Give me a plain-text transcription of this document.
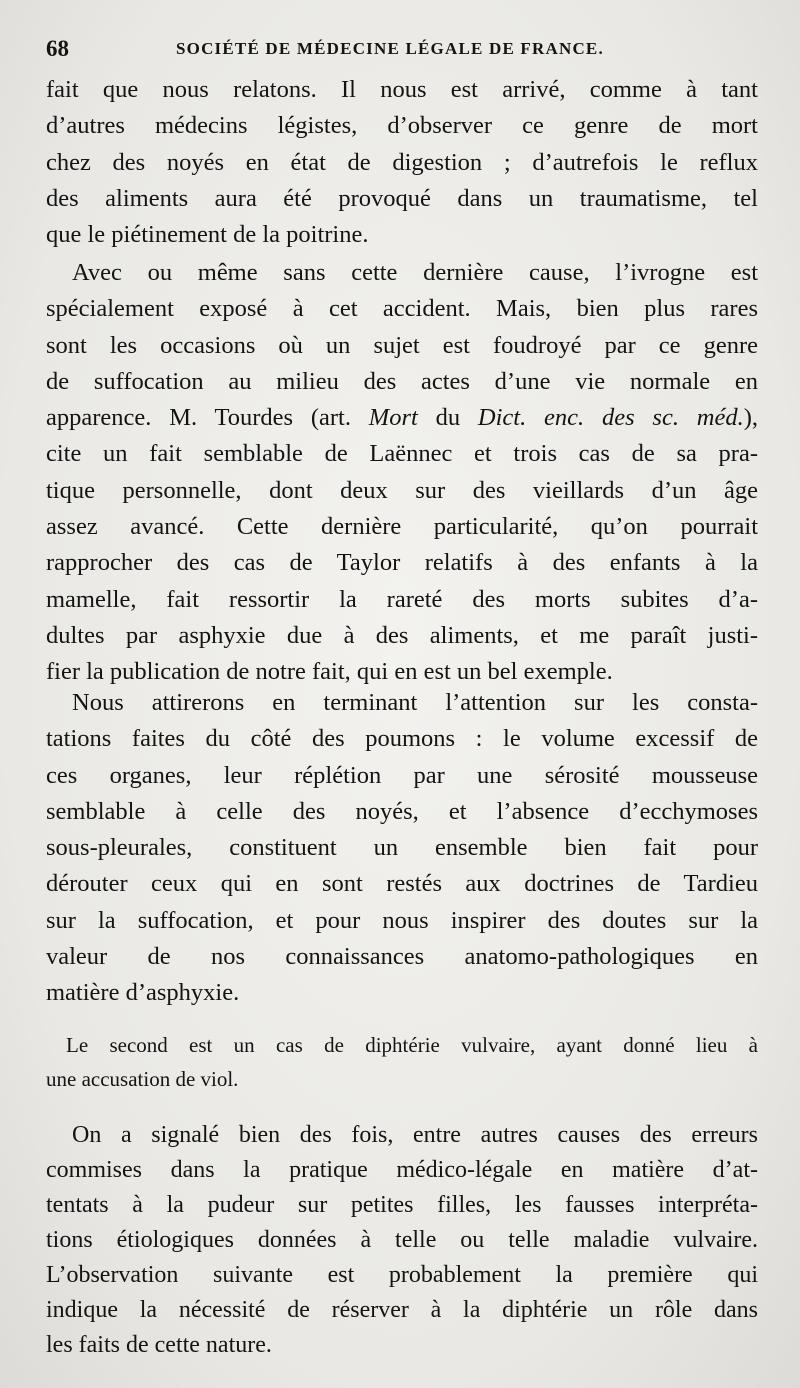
68	SOCIÉTÉ DE MÉDECINE LÉGALE DE FRANCE.

fait que nous relatons. Il nous est arrivé, comme à tant
d’autres médecins légistes, d’observer ce genre de mort
chez des noyés en état de digestion ; d’autrefois le reflux
des aliments aura été provoqué dans un traumatisme, tel
que le piétinement de la poitrine.

Avec ou même sans cette dernière cause, l’ivrogne est
spécialement exposé à cet accident. Mais, bien plus rares
sont les occasions où un sujet est foudroyé par ce genre
de suffocation au milieu des actes d’une vie normale en
apparence. M. Tourdes (art. Mort du Dict. enc. des sc. méd.),
cite un fait semblable de Laënnec et trois cas de sa pra-
tique personnelle, dont deux sur des vieillards d’un âge
assez avancé. Cette dernière particularité, qu’on pourrait
rapprocher des cas de Taylor relatifs à des enfants à la
mamelle, fait ressortir la rareté des morts subites d’a-
dultes par asphyxie due à des aliments, et me paraît justi-
fier la publication de notre fait, qui en est un bel exemple.

Nous attirerons en terminant l’attention sur les consta-
tations faites du côté des poumons : le volume excessif de
ces organes, leur réplétion par une sérosité mousseuse
semblable à celle des noyés, et l’absence d’ecchymoses
sous-pleurales, constituent un ensemble bien fait pour
dérouter ceux qui en sont restés aux doctrines de Tardieu
sur la suffocation, et pour nous inspirer des doutes sur la
valeur de nos connaissances anatomo-pathologiques en
matière d’asphyxie.

Le second est un cas de diphtérie vulvaire, ayant donné lieu à
une accusation de viol.

On a signalé bien des fois, entre autres causes des erreurs
commises dans la pratique médico-légale en matière d’at-
tentats à la pudeur sur petites filles, les fausses interpréta-
tions étiologiques données à telle ou telle maladie vulvaire.
L’observation suivante est probablement la première qui
indique la nécessité de réserver à la diphtérie un rôle dans
les faits de cette nature.
